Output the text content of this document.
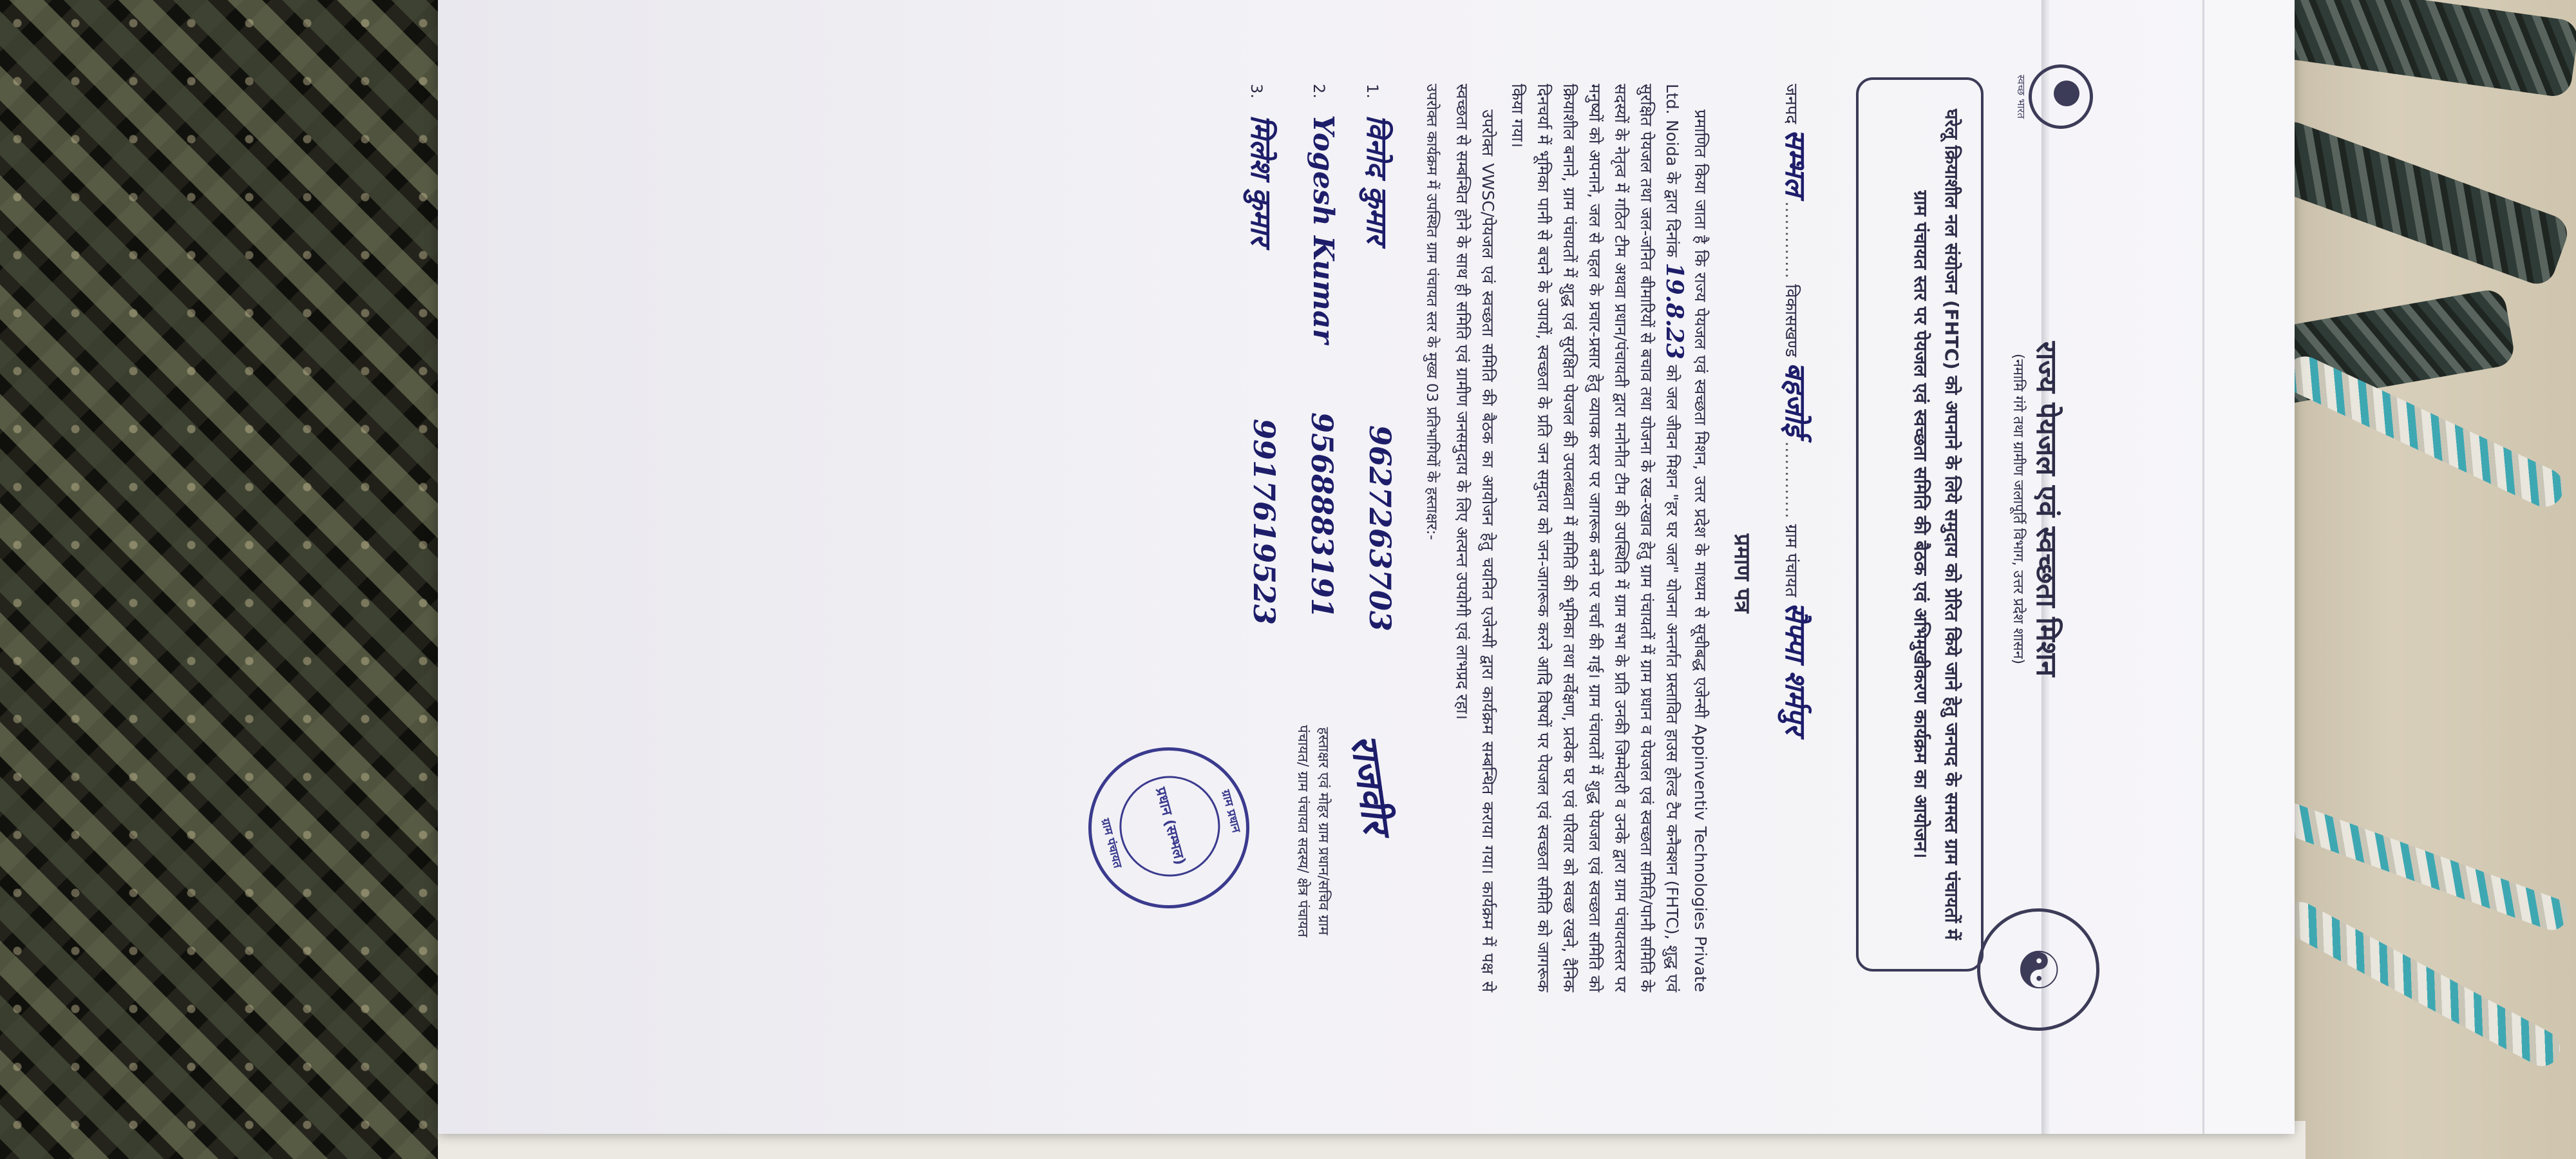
स्वच्छ भारत
राज्य पेयजल एवं स्वच्छता मिशन
(नमामि गंगे तथा ग्रामीण जलापूर्ति विभाग, उत्तर प्रदेश शासन)
☯
घरेलू क्रियाशील नल संयोजन (FHTC) को अपनाने के लिये समुदाय को प्रेरित किये जाने हेतु जनपद के समस्त ग्राम पंचायतों में ग्राम पंचायत स्तर पर पेयजल एवं स्वच्छता समिति की बैठक एवं अभिमुखीकरण कार्यक्रम का आयोजन।
जनपद सम्भल ............. विकासखण्ड बहजोई ............. ग्राम पंचायत सैफ्पा शर्मपुर
प्रमाण पत्र

प्रमाणित किया जाता है कि राज्य पेयजल एवं स्वच्छता मिशन, उत्तर प्रदेश के माध्यम से सूचीबद्ध एजेन्सी Appinventiv Technologies Private Ltd. Noida के द्वारा दिनांक 19.8.23 को जल जीवन मिशन "हर घर जल" योजना अन्तर्गत प्रस्तावित हाउस होल्ड टैप कनैक्शन (FHTC), शुद्ध एवं सुरक्षित पेयजल तथा जल-जनित बीमारियों से बचाव तथा योजना के रख-रखाव हेतु ग्राम पंचायतों में ग्राम प्रधान व पेयजल एवं स्वच्छता समिति/पानी समिति के सदस्यों के नेतृत्व में गठित टीम अथवा प्रधान/पंचायती द्वारा मनोनीत टीम की उपस्थिति में ग्राम सभा के प्रति उनकी जिम्मेदारी व उनके द्वारा ग्राम पंचायतस्तर पर मनुष्यों को अपनाने, जल से पहल के प्रचार-प्रसार हेतु व्यापक स्तर पर जागरूक बनने पर चर्चा की गई। ग्राम पंचायतों में शुद्ध पेयजल एवं स्वच्छता समिति को क्रियाशील बनाने, ग्राम पंचायतों में शुद्ध एवं सुरक्षित पेयजल की उपलब्धता में समिति की भूमिका तथा सर्वेक्षण, प्रत्येक घर एवं परिवार को स्वच्छ रखने, दैनिक दिनचर्या में भूमिका पानी से बचने के उपायों, स्वच्छता के प्रति जन समुदाय को जन-जागरूक करने आदि विषयों पर पेयजल एवं स्वच्छता समिति को जागरूक किया गया।

उपरोक्त VWSC/पेयजल एवं स्वच्छता समिति की बैठक का आयोजन हेतु चयनित एजेन्सी द्वारा कार्यक्रम सम्बन्धित कराया गया। कार्यक्रम में पक्ष से स्वच्छता से सम्बन्धित होने के साथ ही समिति एवं ग्रामीण जनसमुदाय के लिए अत्यन्त उपयोगी एवं लाभप्रद रहा।

उपरोक्त कार्यक्रम में उपस्थित ग्राम पंचायत स्तर के मुख्य 03 प्रतिभागियों के हस्ताक्षर:-
1. विनोद कुमार
9627263703
2. Yogesh Kumar
9568883191
3. मिलेश कुमार
9917619523
राजवीर
हस्ताक्षर एवं मोहर ग्राम प्रधान/सचिव ग्राम पंचायत/ ग्राम पंचायत सदस्य/ क्षेत्र पंचायत
ग्राम प्रधान
प्रधान (सम्भल)
ग्राम पंचायत
